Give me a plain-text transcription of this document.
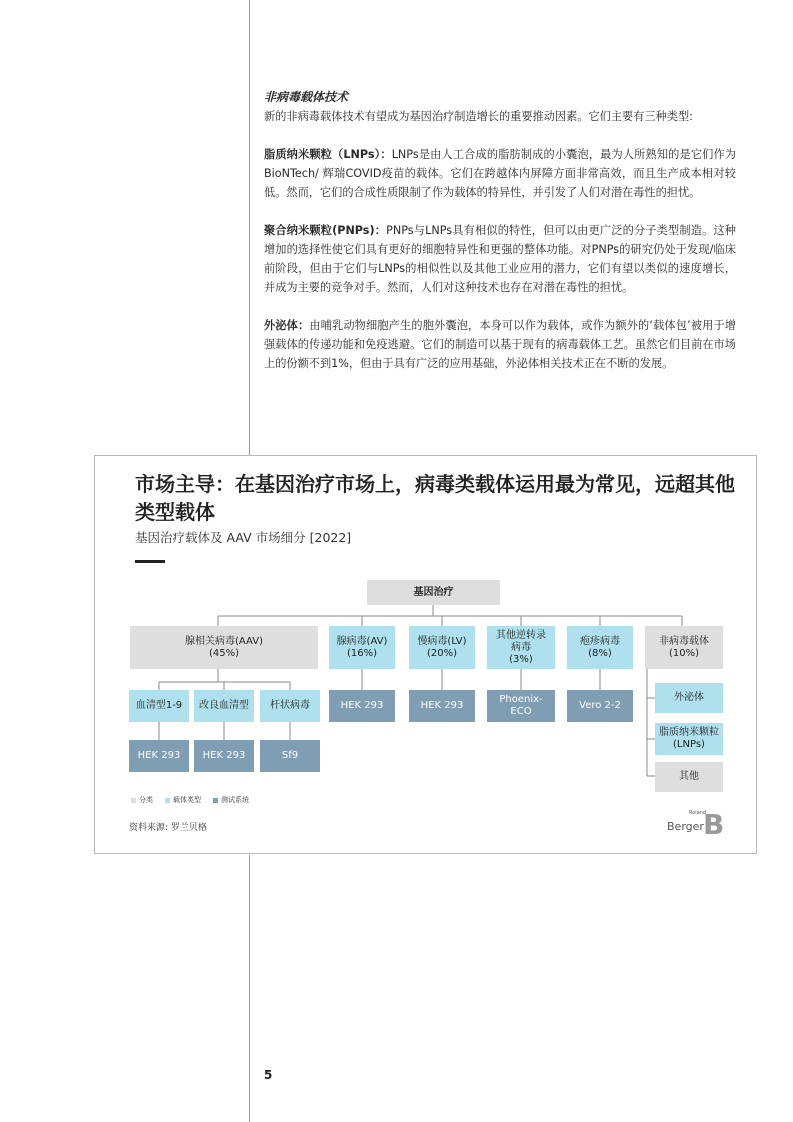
非病毒载体技术

新的非病毒载体技术有望成为基因治疗制造增长的重要推动因素。它们主要有三种类型:

脂质纳米颗粒（LNPs）：LNPs是由人工合成的脂肪制成的小囊泡，最为人所熟知的是它们作为BioNTech/ 辉瑞COVID疫苗的载体。它们在跨越体内屏障方面非常高效，而且生产成本相对较低。然而，它们的合成性质限制了作为载体的特异性，并引发了人们对潜在毒性的担忧。

聚合纳米颗粒(PNPs)：PNPs与LNPs具有相似的特性，但可以由更广泛的分子类型制造。这种增加的选择性使它们具有更好的细胞特异性和更强的整体功能。对PNPs的研究仍处于发现/临床前阶段，但由于它们与LNPs的相似性以及其他工业应用的潜力，它们有望以类似的速度增长，并成为主要的竞争对手。然而，人们对这种技术也存在对潜在毒性的担忧。

外泌体：由哺乳动物细胞产生的胞外囊泡，本身可以作为载体，或作为额外的‘载体包’被用于增强载体的传递功能和免疫逃避。它们的制造可以基于现有的病毒载体工艺。虽然它们目前在市场上的份额不到1%，但由于具有广泛的应用基础，外泌体相关技术正在不断的发展。

市场主导：在基因治疗市场上，病毒类载体运用最为常见，远超其他类型载体

基因治疗载体及 AAV 市场细分 [2022]
基因治疗
腺相关病毒(AAV)
(45%)
腺病毒(AV)
(16%)
慢病毒(LV)
(20%)
其他逆转录病毒
(3%)
疱疹病毒
(8%)
非病毒载体
(10%)
血清型1-9 改良血清型 杆状病毒
HEK 293 HEK 293	Sf9
HEK 293	HEK 293
Phoenix-ECO
Vero 2-2
外泌体
脂质纳米颗粒 (LNPs)
其他
分类	载体类型	测试系统
资料来源: 罗兰贝格
Roland
Berger B
5
